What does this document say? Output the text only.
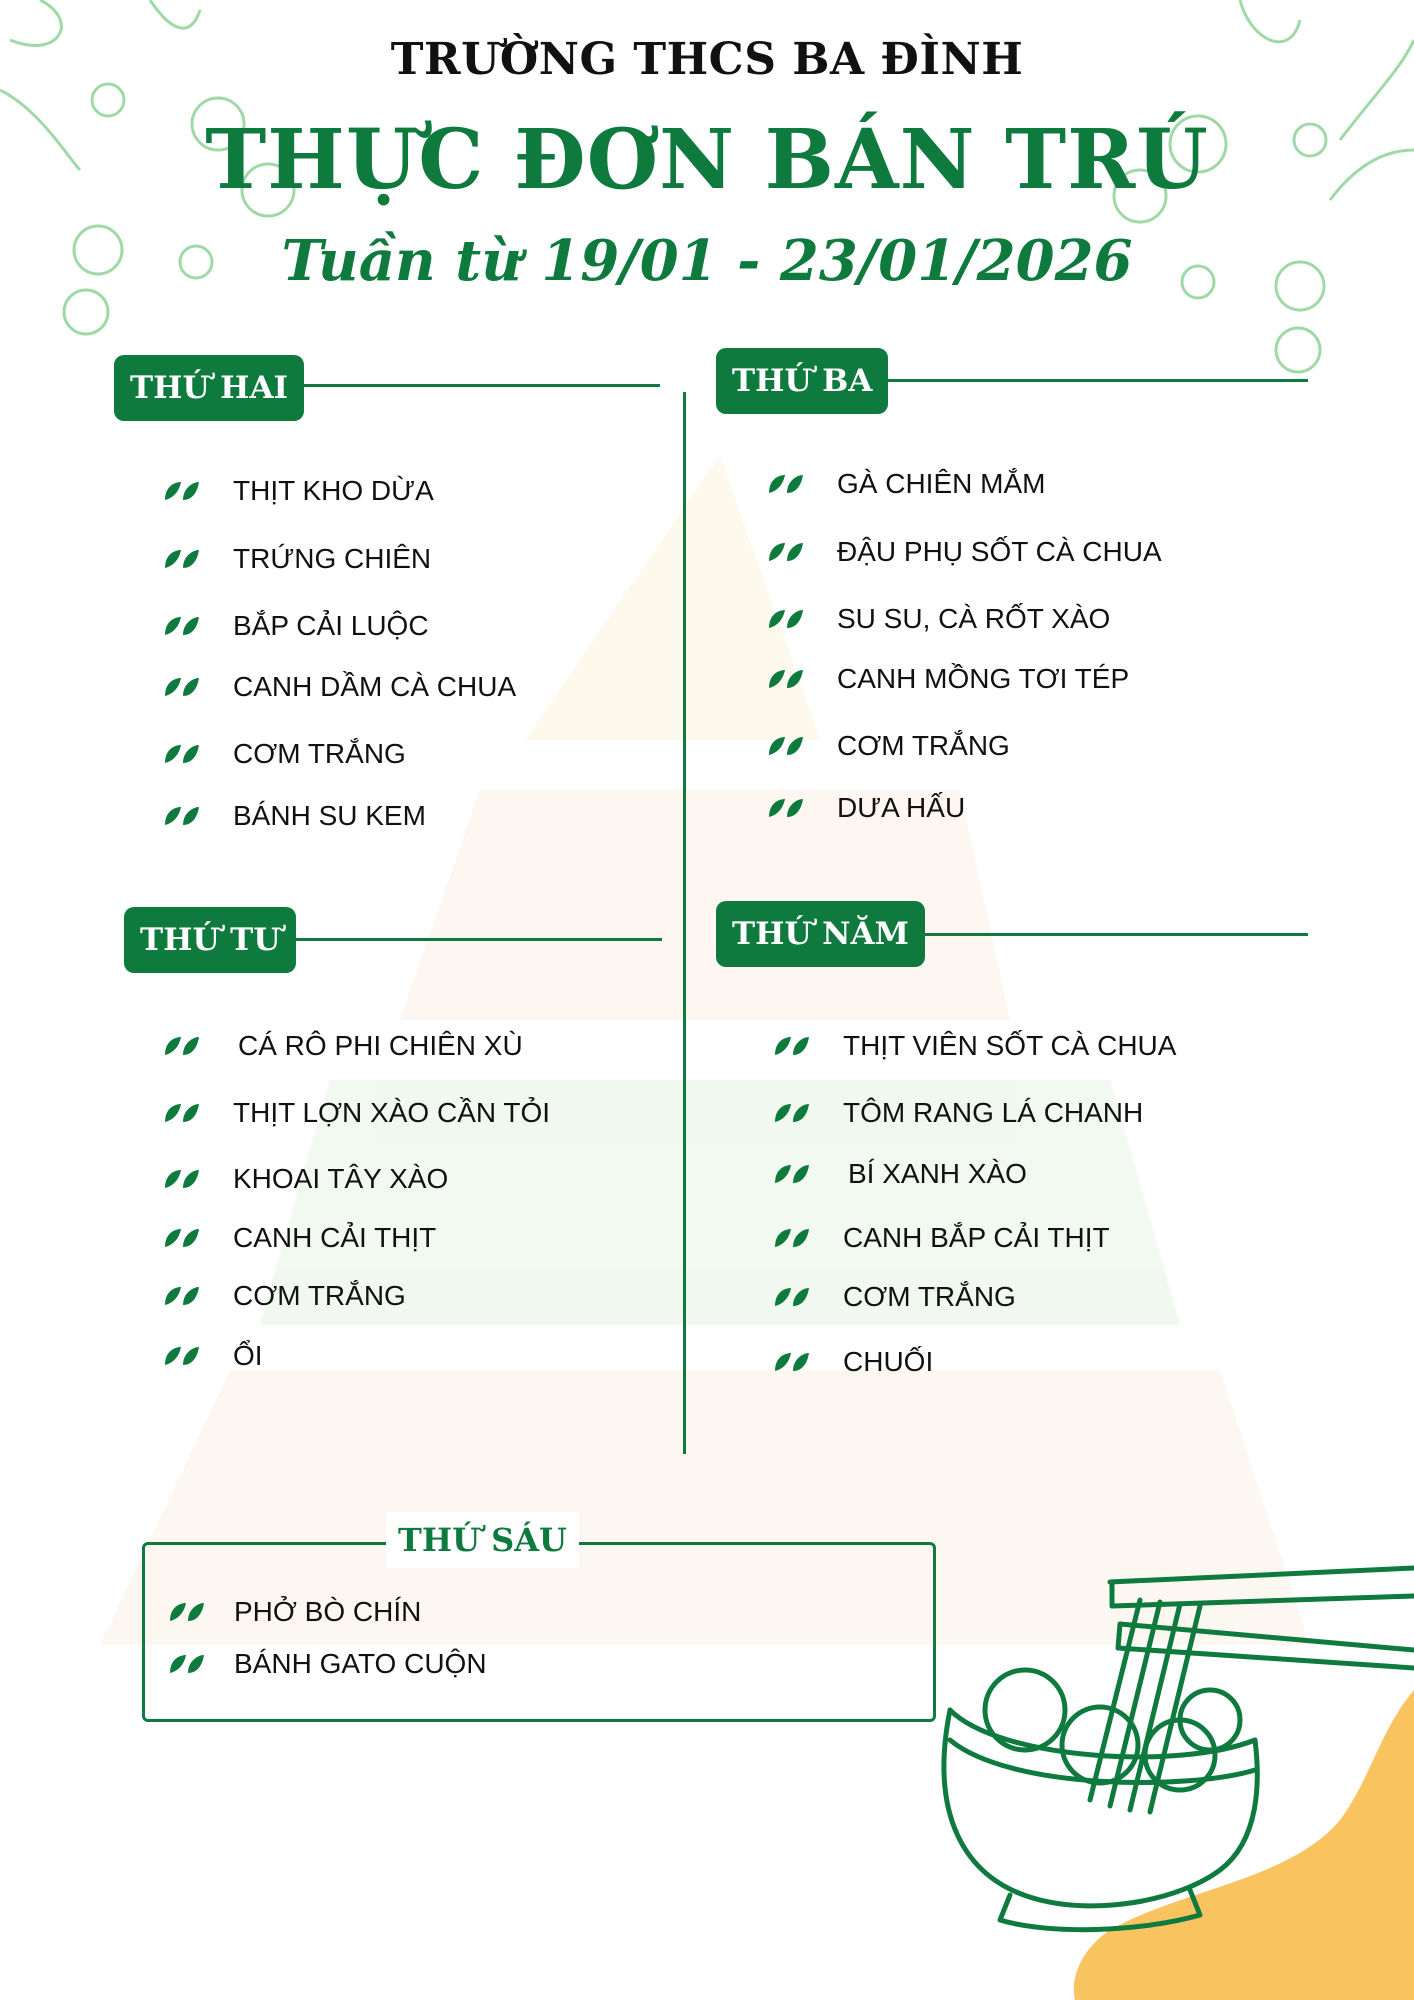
TRƯỜNG THCS BA ĐÌNH
THỰC ĐƠN BÁN TRÚ
Tuần từ 19/01 - 23/01/2026
THỨ HAI
THỊT KHO DỪA
TRỨNG CHIÊN
BẮP CẢI LUỘC
CANH DẦM CÀ CHUA
CƠM TRẮNG
BÁNH SU KEM
THỨ BA
GÀ CHIÊN MẮM
ĐẬU PHỤ SỐT CÀ CHUA
SU SU, CÀ RỐT XÀO
CANH MỒNG TƠI TÉP
CƠM TRẮNG
DƯA HẤU
THỨ TƯ
CÁ RÔ PHI CHIÊN XÙ
THỊT LỢN XÀO CẦN TỎI
KHOAI TÂY XÀO
CANH CẢI THỊT
CƠM TRẮNG
ỔI
THỨ NĂM
THỊT VIÊN SỐT CÀ CHUA
TÔM RANG LÁ CHANH
BÍ XANH XÀO
CANH BẮP CẢI THỊT
CƠM TRẮNG
CHUỐI
THỨ SÁU
PHỞ BÒ CHÍN
BÁNH GATO CUỘN
